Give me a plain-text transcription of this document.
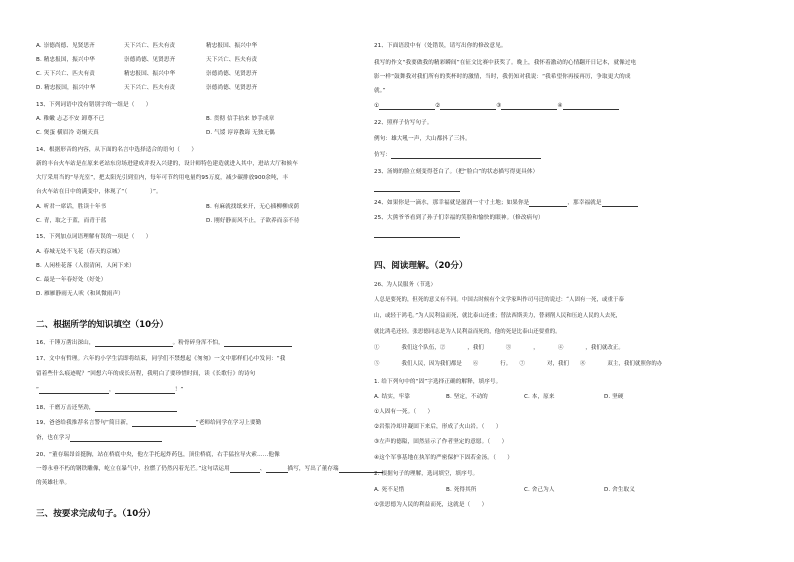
A. 崇德尚德、见贤思齐	天下兴亡、匹夫有责	精忠报国、振兴中华
B. 精忠报国，振兴中华	崇德尚德、见贤思齐	天下兴亡、匹夫有责
C. 天下兴亡、匹夫有责	精忠报国、振兴中华	崇德尚德、见贤思齐
D. 精忠报国，振兴中华	天下兴亡、匹夫有责	崇德尚德、见贤思齐
13、下列词语中没有错别字的一组是（　　）
A. 稚嫩 忐忑不安 卸尊不已	B. 贯彻 信手拈来 妙手成章
C. 煲蛋 横眉冷 奇炯天真	D. 气馁 谆谆教诲 无独无偶
14、根据形音的内容，从下面的名言中选择适合的语句（　　）
新的丰台火车站是在原来老站东房场进建成并投入兴建的，设计师特色建造就进入其中，进站大厅和候车
大厅采用当的“导光室”，把太阳光引到室内，每年可节约用电量约95万度，减少碳排放900余吨，丰
台火车站在日中的满变中，体现了“（　　　　）”。
A. 听君一席话，胜读十年书	B. 有麻就找纸来开，无心插柳柳成荫
C. 青，取之于蓝，而青于蓝	D. 刚好静而风不止，子欲养而亲不待
15、下列加点词语理解有误的一项是（　　）
A. 春城无处不飞花（春天的京城）
B. 人闲桂花落（人很清闲，人闲下来）
C. 最是一年春好处（好处）
D. 雁雁静雨无人吠（和风微雨声）
二、根据所学的知识填空（10分）
16、千锤万凿出深山，	。粉骨碎身浑不怕，
17、文中有哲理。六年的小学生活即将结束，同学们不禁想起《匆匆》一文中那样们心中发问：“我
留着些什么痕迹呢？”回想六年的成长历程，我明白了要珍惜时间，读《长歌行》的诗句
“	，	！”
18、千磨万击还坚劲，
19、爸爸给我推荐名言警句“简日新，	”老师给同学在学习上要勤
奋，也在学习
20、“董存瑞昂首挺胸，站在桥底中央，他左手托起炸药包，顶住桥底，右手猛拉导火索……他像
一尊永垂不朽的钢铁雕像，屹立在暴气中，拉燃了仍然闪着光芒。”这句话运用	、	描写，写出了董存瑞
的英雄壮举。
三、按要求完成句子。（10分）
21、下面语段中有（处错误，请写出你的修改意见。
我写的作文“我要做我的精彩瞬间”在征文比赛中获奖了。晚上，我怀着激动的心情翻开日记本，就像过电
影一样“鼓舞我对我们所有的奖杯时的激情，当时，我仍知对我说：“我希望你再接再厉，争取更大的成
就。”
①	②	③	④
22、照样子仿写句子。
例句：雄大吼一声，大山都抖了三抖。
仿写：
23、汤姆的脸立刻变得苍白了。（把“脸白”的状态描写得更具体）
24、如果你是一滴水，那幸福就是滋润一寸寸土地；如果你是	，那幸福就是
25、大熊爷爷看到了孙子们幸福的笑脸和愉快的眼神。（修改病句）
四、阅读理解。（20分）
26、为人民服务（节选）
人总是要死的，但死的意义有不同。中国古时候有个文学家叫作司马迁的说过：“人固有一死，或重于泰
山，或轻于鸿毛。”为人民利益而死，就比泰山还重；替法西斯卖力，替剥削人民和压迫人民的人去死，
就比鸿毛还轻。张思德同志是为人民利益而死的，他的死是比泰山还要重的。
①　　　　我们这个队伍，②　　　　，我们　　　　③　　　　，　　　　④　　　　，我们就改正。
⑤　　　　我们人民，因为我们都是　　⑥　　　　行。　　⑦　　　　对，我们　　⑧　　　　双主，我们就照你的办
1. 给下列句中的“固”字选择正确的解释，填序号。
A. 结实，牢靠	B. 坚定，不动的	C. 本，原来	D. 坚硬
①人固有一死。（　　）
②岩浆冷却并凝固下来后，形成了火山岩。（　　）
③左声的德隘，固然显示了作者坚定的意愿。（　　）
④这个军事基地在执军的严密保护下固若金汤。（　　）
2. 根据句子的理解，选词填空，填序号。
A. 死不足惜	B. 死得其所	C. 舍己为人	D. 舍生取义
①张思德为人民的利益而死，这就是（　　）
